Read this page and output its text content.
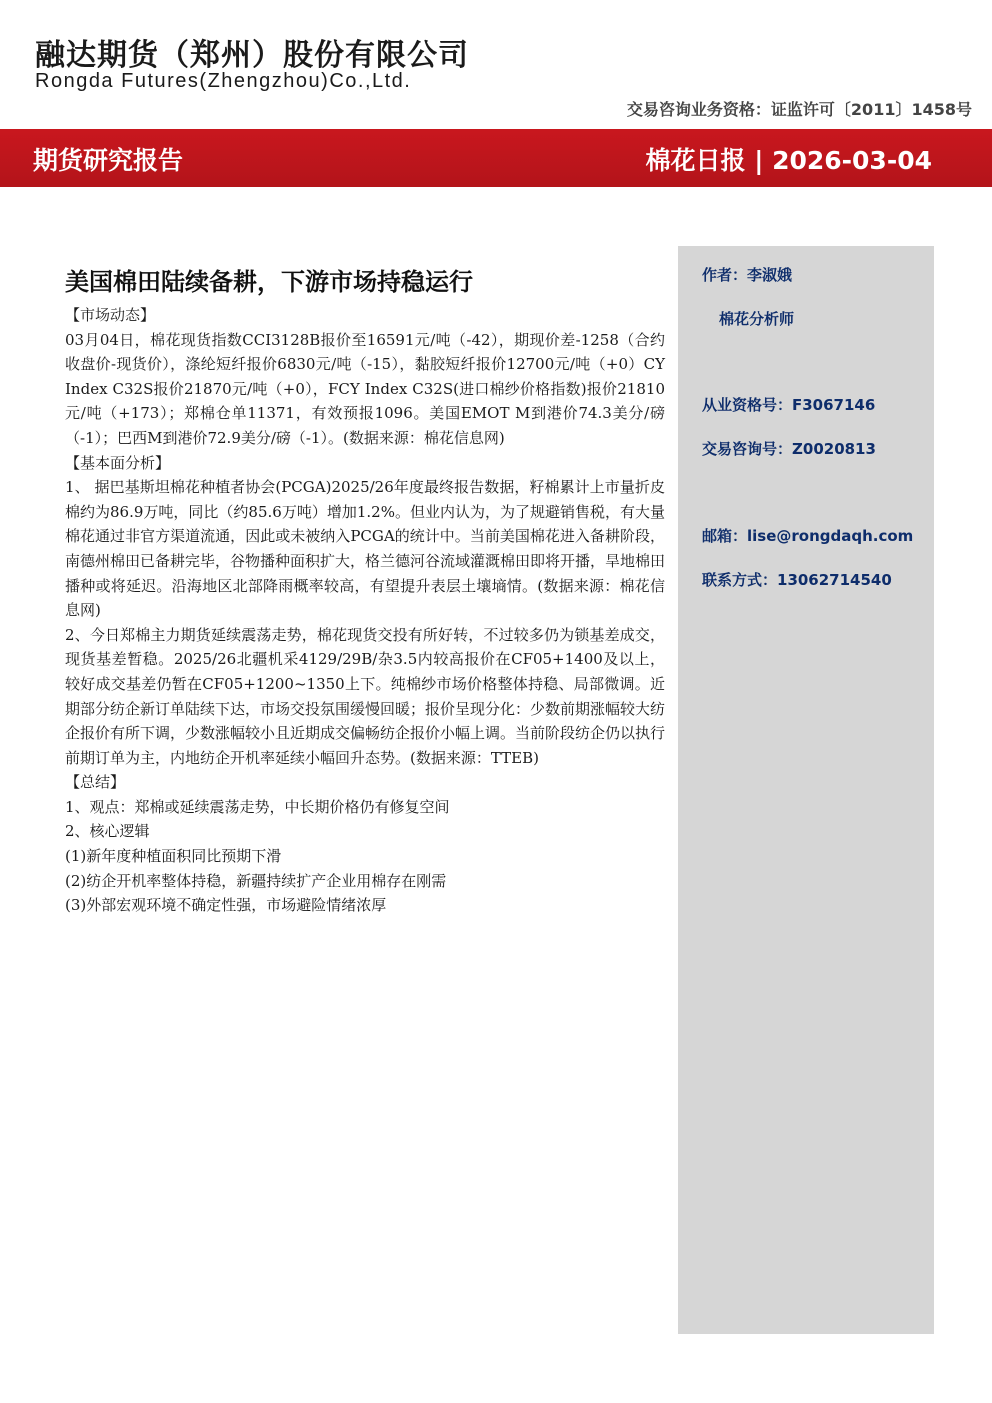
融达期货（郑州）股份有限公司
Rongda Futures(Zhengzhou)Co.,Ltd.
交易咨询业务资格：证监许可〔2011〕1458号
期货研究报告	棉花日报 | 2026-03-04
作者：李淑娥
棉花分析师
从业资格号：F3067146
交易咨询号：Z0020813
邮箱：lise@rongdaqh.com
联系方式：13062714540
美国棉田陆续备耕，下游市场持稳运行

【市场动态】

03月04日，棉花现货指数CCI3128B报价至16591元/吨（-42），期现价差-1258（合约收盘价-现货价），涤纶短纤报价6830元/吨（-15），黏胶短纤报价12700元/吨（+0）CY Index C32S报价21870元/吨（+0），FCY Index C32S(进口棉纱价格指数)报价21810元/吨（+173）；郑棉仓单11371，有效预报1096。美国EMOT M到港价74.3美分/磅（-1）；巴西M到港价72.9美分/磅（-1）。(数据来源：棉花信息网)

【基本面分析】

1、 据巴基斯坦棉花种植者协会(PCGA)2025/26年度最终报告数据，籽棉累计上市量折皮棉约为86.9万吨，同比（约85.6万吨）增加1.2%。但业内认为，为了规避销售税，有大量棉花通过非官方渠道流通，因此或未被纳入PCGA的统计中。当前美国棉花进入备耕阶段，南德州棉田已备耕完毕，谷物播种面积扩大，格兰德河谷流域灌溉棉田即将开播，旱地棉田播种或将延迟。沿海地区北部降雨概率较高，有望提升表层土壤墒情。(数据来源：棉花信息网)

2、今日郑棉主力期货延续震荡走势，棉花现货交投有所好转，不过较多仍为锁基差成交，现货基差暂稳。2025/26北疆机采4129/29B/杂3.5内较高报价在CF05+1400及以上，较好成交基差仍暂在CF05+1200~1350上下。纯棉纱市场价格整体持稳、局部微调。近期部分纺企新订单陆续下达，市场交投氛围缓慢回暖；报价呈现分化：少数前期涨幅较大纺企报价有所下调，少数涨幅较小且近期成交偏畅纺企报价小幅上调。当前阶段纺企仍以执行前期订单为主，内地纺企开机率延续小幅回升态势。(数据来源：TTEB)

【总结】

1、观点：郑棉或延续震荡走势，中长期价格仍有修复空间

2、核心逻辑

(1)新年度种植面积同比预期下滑

(2)纺企开机率整体持稳，新疆持续扩产企业用棉存在刚需

(3)外部宏观环境不确定性强，市场避险情绪浓厚
